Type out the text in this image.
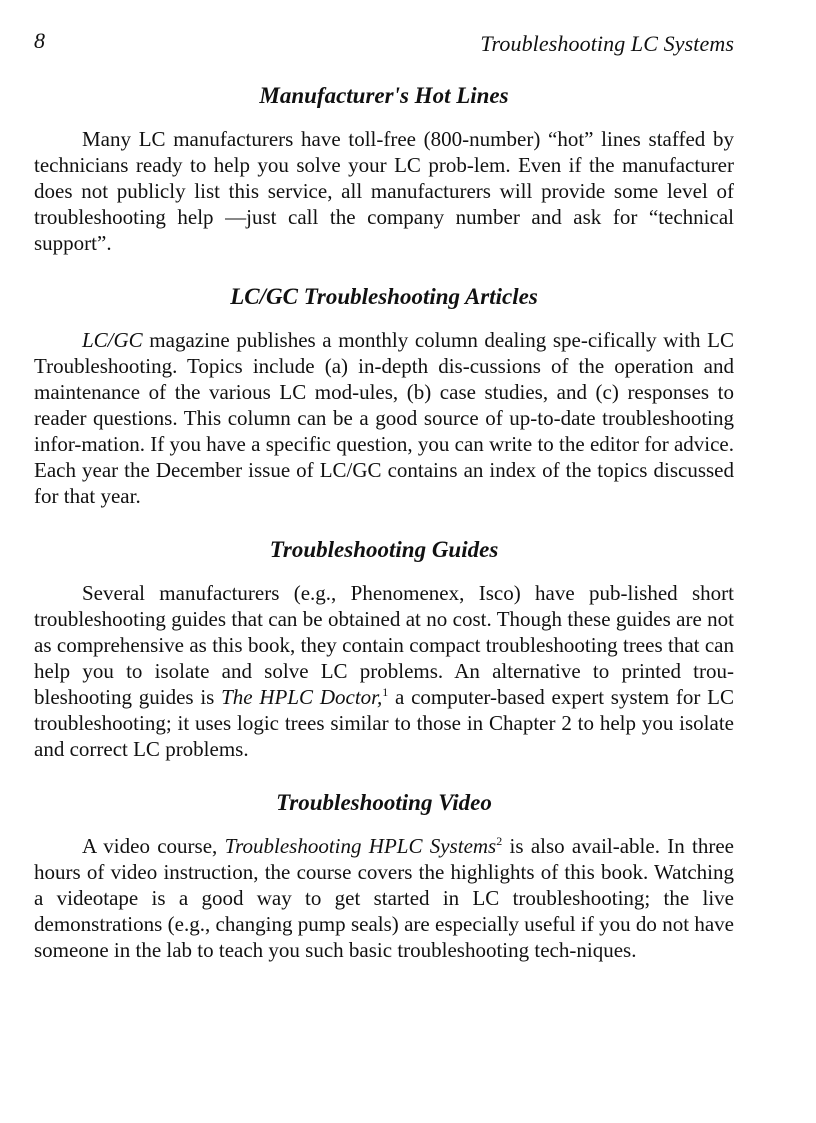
8	Troubleshooting LC Systems
Manufacturer's Hot Lines

Many LC manufacturers have toll-free (800-number) “hot” lines staffed by technicians ready to help you solve your LC prob-lem. Even if the manufacturer does not publicly list this service, all manufacturers will provide some level of troubleshooting help —just call the company number and ask for “technical support”.

LC/GC Troubleshooting Articles

LC/GC magazine publishes a monthly column dealing spe-cifically with LC Troubleshooting. Topics include (a) in-depth dis-cussions of the operation and maintenance of the various LC mod-ules, (b) case studies, and (c) responses to reader questions. This column can be a good source of up-to-date troubleshooting infor-mation. If you have a specific question, you can write to the editor for advice. Each year the December issue of LC/GC contains an index of the topics discussed for that year.

Troubleshooting Guides

Several manufacturers (e.g., Phenomenex, Isco) have pub-lished short troubleshooting guides that can be obtained at no cost. Though these guides are not as comprehensive as this book, they contain compact troubleshooting trees that can help you to isolate and solve LC problems. An alternative to printed trou-bleshooting guides is The HPLC Doctor,$^1$ a computer-based expert system for LC troubleshooting; it uses logic trees similar to those in Chapter 2 to help you isolate and correct LC problems.

Troubleshooting Video

A video course, Troubleshooting HPLC Systems$^2$ is also avail-able. In three hours of video instruction, the course covers the highlights of this book. Watching a videotape is a good way to get started in LC troubleshooting; the live demonstrations (e.g., changing pump seals) are especially useful if you do not have someone in the lab to teach you such basic troubleshooting tech-niques.
